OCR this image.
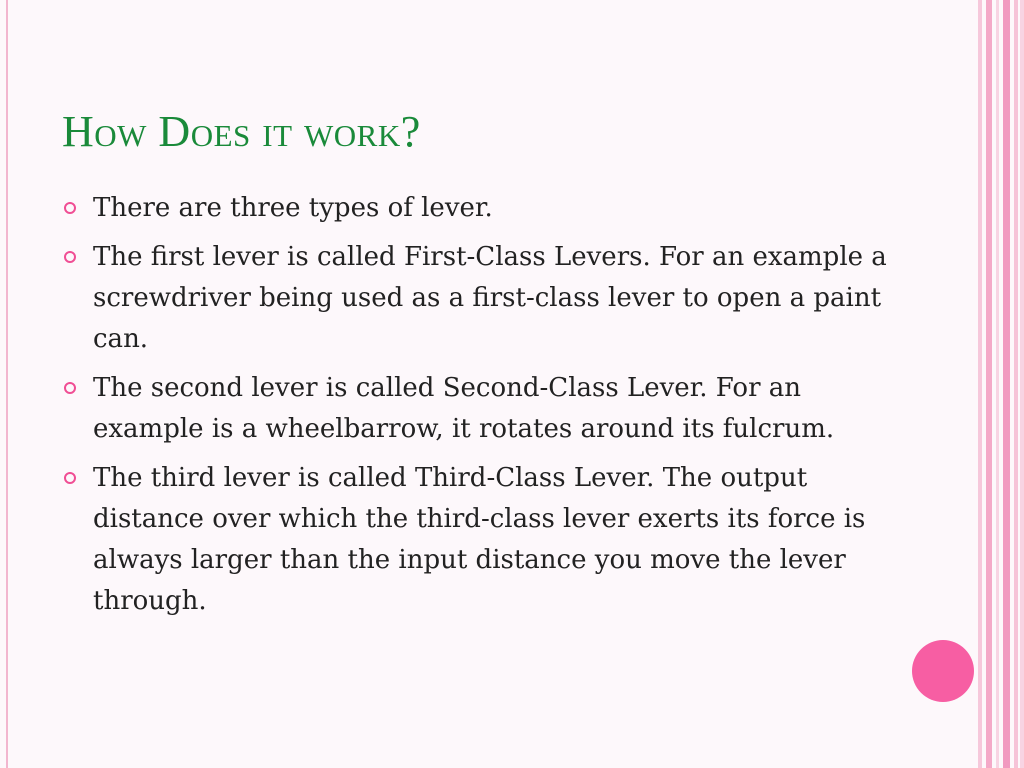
How Does it work?
There are three types of lever.
The first lever is called First-Class Levers. For an example a screwdriver being used as a first-class lever to open a paint can.
The second lever is called Second-Class Lever. For an example is a wheelbarrow, it rotates around its fulcrum.
The third lever is called Third-Class Lever. The output distance over which the third-class lever exerts its force is always larger than the input distance you move the lever through.
